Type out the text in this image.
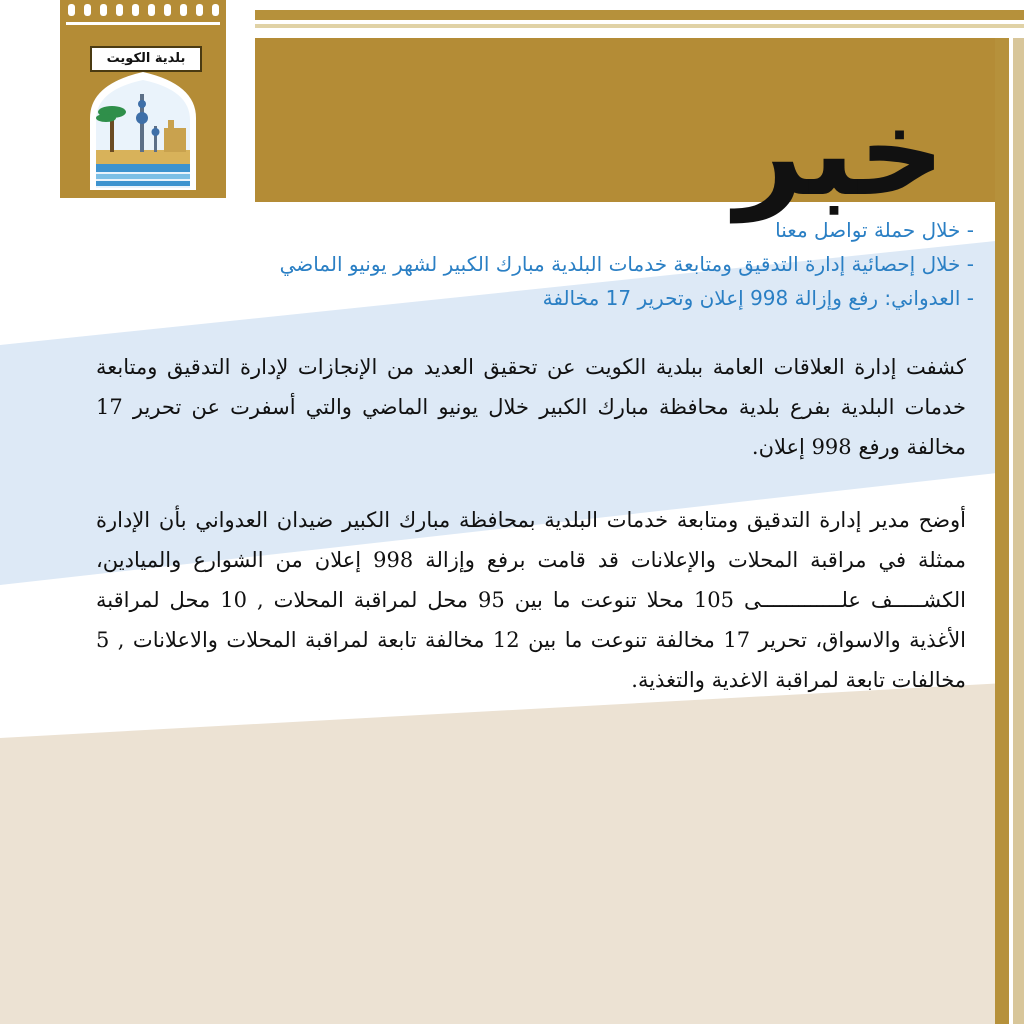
خبر
بلدية الكويت
- خلال حملة تواصل معنا
- خلال إحصائية إدارة التدقيق ومتابعة خدمات البلدية مبارك الكبير لشهر يونيو الماضي
- العدواني: رفع وإزالة 998 إعلان وتحرير 17 مخالفة
كشفت إدارة العلاقات العامة ببلدية الكويت عن تحقيق العديد من الإنجازات لإدارة التدقيق ومتابعة خدمات البلدية بفرع بلدية محافظة مبارك الكبير خلال يونيو الماضي والتي أسفرت عن تحرير 17 مخالفة ورفع 998 إعلان.
أوضح مدير إدارة التدقيق ومتابعة خدمات البلدية بمحافظة مبارك الكبير ضيدان العدواني بأن الإدارة ممثلة في مراقبة المحلات والإعلانات قد قامت برفع وإزالة 998 إعلان من الشوارع والميادين، الكشـــــف علـــــــــــــى 105 محلا تنوعت ما بين 95 محل لمراقبة المحلات , 10 محل لمراقبة الأغذية والاسواق، تحرير 17 مخالفة تنوعت ما بين 12 مخالفة تابعة لمراقبة المحلات والاعلانات , 5 مخالفات تابعة لمراقبة الاغدية والتغذية.
